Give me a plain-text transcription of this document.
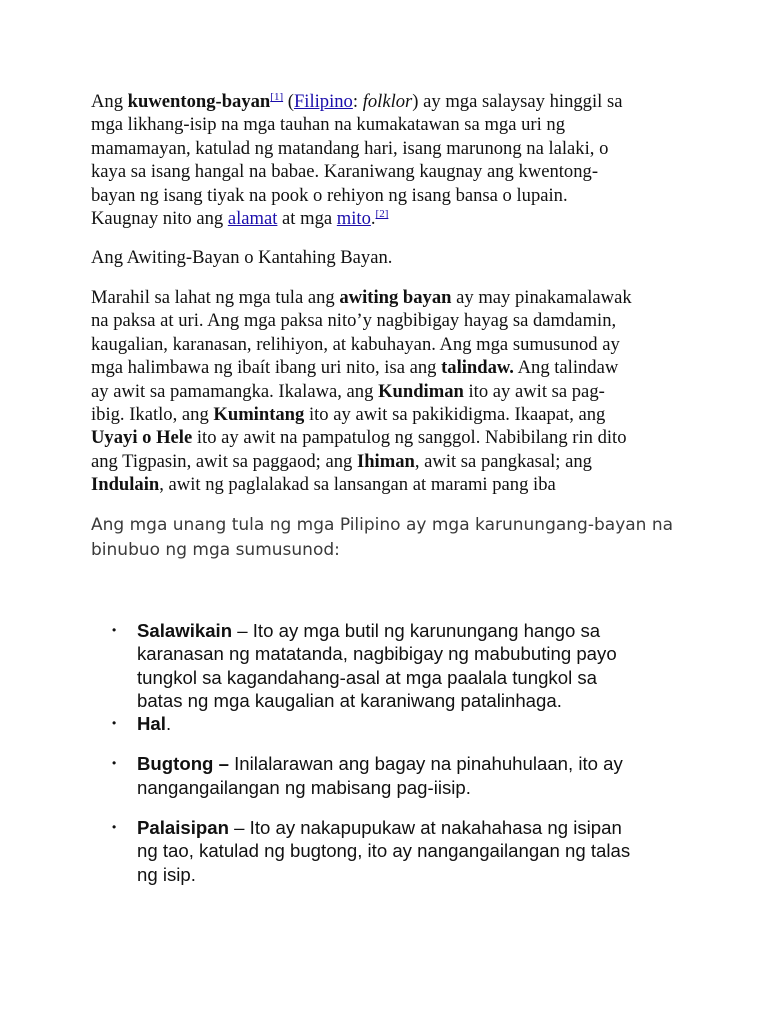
Ang kuwentong-bayan[1] (Filipino: folklor) ay mga salaysay hinggil sa
mga likhang-isip na mga tauhan na kumakatawan sa mga uri ng
mamamayan, katulad ng matandang hari, isang marunong na lalaki, o
kaya sa isang hangal na babae. Karaniwang kaugnay ang kwentong-
bayan ng isang tiyak na pook o rehiyon ng isang bansa o lupain.
Kaugnay nito ang alamat at mga mito.[2]
Ang Awiting-Bayan o Kantahing Bayan.
Marahil sa lahat ng mga tula ang awiting bayan ay may pinakamalawak
na paksa at uri. Ang mga paksa nito’y nagbibigay hayag sa damdamin,
kaugalian, karanasan, relihiyon, at kabuhayan. Ang mga sumusunod ay
mga halimbawa ng ibaít ibang uri nito, isa ang talindaw. Ang talindaw
ay awit sa pamamangka. Ikalawa, ang Kundiman ito ay awit sa pag-
ibig. Ikatlo, ang Kumintang ito ay awit sa pakikidigma. Ikaapat, ang
Uyayi o Hele ito ay awit na pampatulog ng sanggol. Nabibilang rin dito
ang Tigpasin, awit sa paggaod; ang Ihiman, awit sa pangkasal; ang
Indulain, awit ng paglalakad sa lansangan at marami pang iba
Ang mga unang tula ng mga Pilipino ay mga karunungang-bayan na
binubuo ng mga sumusunod:
• Salawikain – Ito ay mga butil ng karunungang hango sa
karanasan ng matatanda, nagbibigay ng mabubuting payo
tungkol sa kagandahang-asal at mga paalala tungkol sa
batas ng mga kaugalian at karaniwang patalinhaga.
• Hal.
• Bugtong – Inilalarawan ang bagay na pinahuhulaan, ito ay
nangangailangan ng mabisang pag-iisip.
• Palaisipan – Ito ay nakapupukaw at nakahahasa ng isipan
ng tao, katulad ng bugtong, ito ay nangangailangan ng talas
ng isip.
